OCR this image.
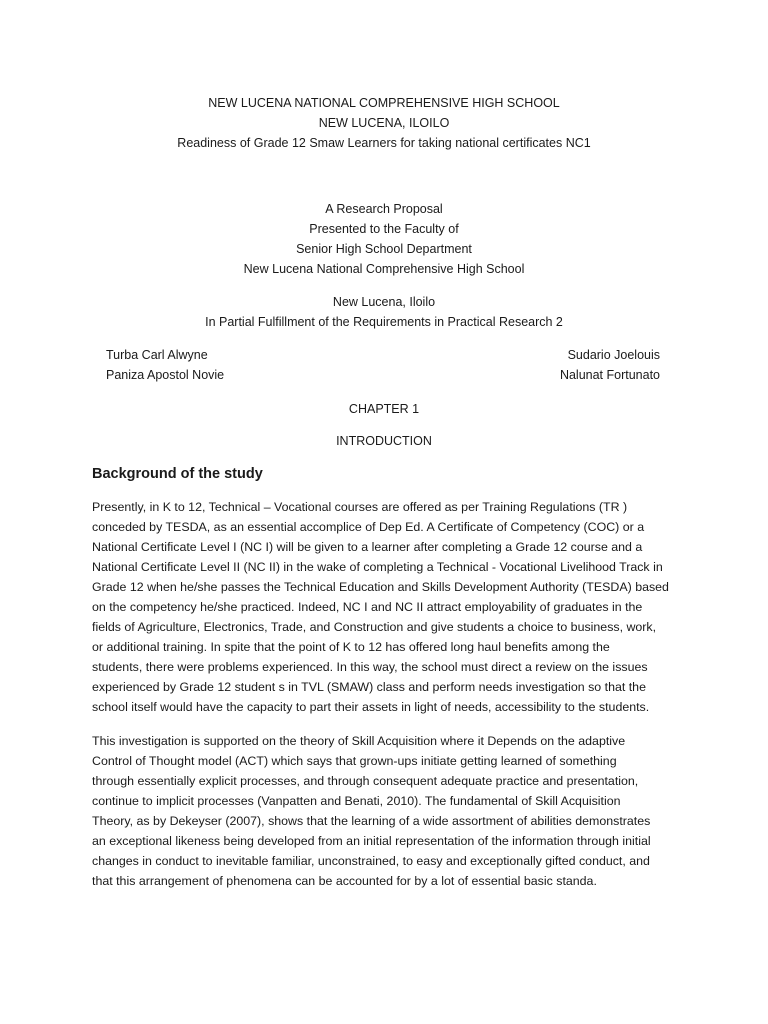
NEW LUCENA NATIONAL COMPREHENSIVE HIGH SCHOOL
NEW LUCENA, ILOILO
Readiness of Grade 12 Smaw Learners for taking national certificates NC1
A Research Proposal
Presented to the Faculty of
Senior High School Department
New Lucena National Comprehensive High School
New Lucena, Iloilo
In Partial Fulfillment of the Requirements in Practical Research 2
Turba Carl Alwyne
Paniza Apostol Novie
Sudario Joelouis
Nalunat Fortunato
CHAPTER 1
INTRODUCTION
Background of the study
Presently, in K to 12, Technical – Vocational courses are offered as per Training Regulations (TR )
conceded by TESDA, as an essential accomplice of Dep Ed. A Certificate of Competency (COC) or a
National Certificate Level I (NC I) will be given to a learner after completing a Grade 12 course and a
National Certificate Level II (NC II) in the wake of completing a Technical - Vocational Livelihood Track in
Grade 12 when he/she passes the Technical Education and Skills Development Authority (TESDA) based
on the competency he/she practiced. Indeed, NC I and NC II attract employability of graduates in the
fields of Agriculture, Electronics, Trade, and Construction and give students a choice to business, work,
or additional training. In spite that the point of K to 12 has offered long haul benefits among the
students, there were problems experienced. In this way, the school must direct a review on the issues
experienced by Grade 12 student s in TVL (SMAW) class and perform needs investigation so that the
school itself would have the capacity to part their assets in light of needs, accessibility to the students.
This investigation is supported on the theory of Skill Acquisition where it Depends on the adaptive
Control of Thought model (ACT) which says that grown-ups initiate getting learned of something
through essentially explicit processes, and through consequent adequate practice and presentation,
continue to implicit processes (Vanpatten and Benati, 2010). The fundamental of Skill Acquisition
Theory, as by Dekeyser (2007), shows that the learning of a wide assortment of abilities demonstrates
an exceptional likeness being developed from an initial representation of the information through initial
changes in conduct to inevitable familiar, unconstrained, to easy and exceptionally gifted conduct, and
that this arrangement of phenomena can be accounted for by a lot of essential basic standa.
